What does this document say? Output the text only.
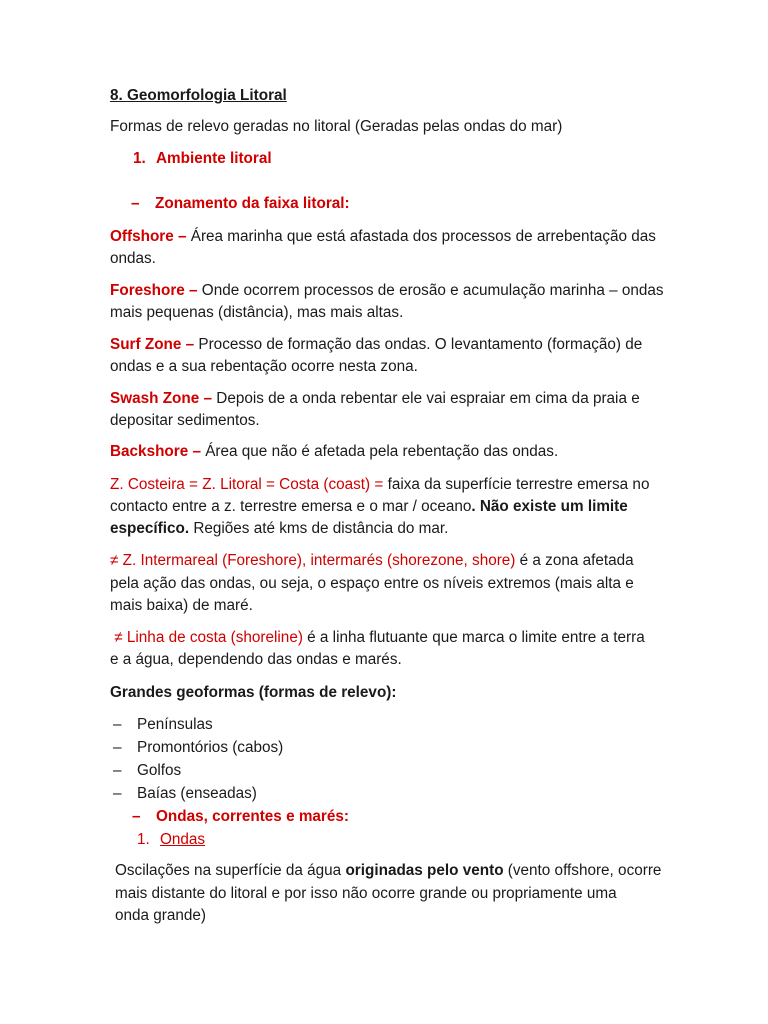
8. Geomorfologia Litoral
Formas de relevo geradas no litoral (Geradas pelas ondas do mar)
1. Ambiente litoral
– Zonamento da faixa litoral:
Offshore – Área marinha que está afastada dos processos de arrebentação das
ondas.
Foreshore – Onde ocorrem processos de erosão e acumulação marinha – ondas
mais pequenas (distância), mas mais altas.
Surf Zone – Processo de formação das ondas. O levantamento (formação) de
ondas e a sua rebentação ocorre nesta zona.
Swash Zone – Depois de a onda rebentar ele vai espraiar em cima da praia e
depositar sedimentos.
Backshore – Área que não é afetada pela rebentação das ondas.
Z. Costeira = Z. Litoral = Costa (coast) = faixa da superfície terrestre emersa no
contacto entre a z. terrestre emersa e o mar / oceano. Não existe um limite
específico. Regiões até kms de distância do mar.
≠ Z. Intermareal (Foreshore), intermarés (shorezone, shore) é a zona afetada
pela ação das ondas, ou seja, o espaço entre os níveis extremos (mais alta e
mais baixa) de maré.
≠ Linha de costa (shoreline) é a linha flutuante que marca o limite entre a terra
e a água, dependendo das ondas e marés.
Grandes geoformas (formas de relevo):
– Penínsulas
– Promontórios (cabos)
– Golfos
– Baías (enseadas)
– Ondas, correntes e marés:
1. Ondas
Oscilações na superfície da água originadas pelo vento (vento offshore, ocorre
mais distante do litoral e por isso não ocorre grande ou propriamente uma
onda grande)
